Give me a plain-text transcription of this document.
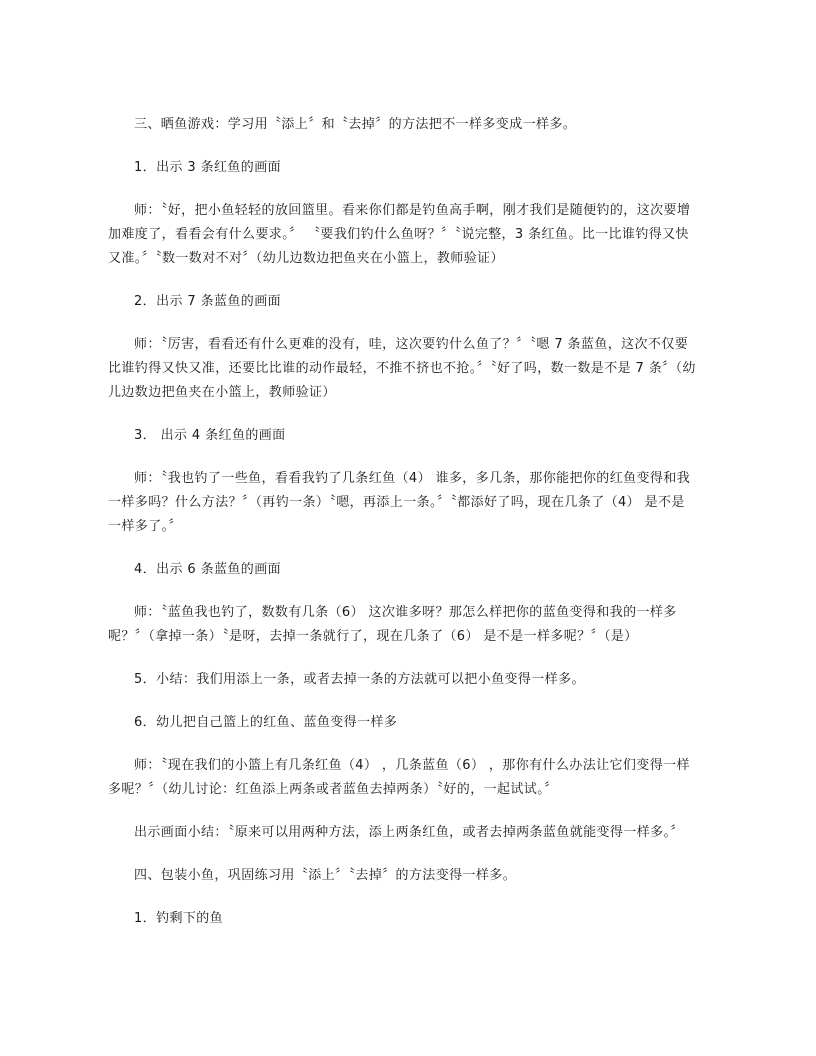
三、晒鱼游戏：学习用〝添上〞和〝去掉〞的方法把不一样多变成一样多。

1．出示 3 条红鱼的画面

师：〝好，把小鱼轻轻的放回篮里。看来你们都是钓鱼高手啊，刚才我们是随便钓的，这次要增加难度了，看看会有什么要求。〞 〝要我们钓什么鱼呀？〞〝说完整，3 条红鱼。比一比谁钓得又快又准。〞〝数一数对不对〞（幼儿边数边把鱼夹在小篮上，教师验证）

2．出示 7 条蓝鱼的画面

师：〝厉害，看看还有什么更难的没有，哇，这次要钓什么鱼了？〞〝嗯 7 条蓝鱼，这次不仅要比谁钓得又快又准，还要比比谁的动作最轻，不推不挤也不抢。〞〝好了吗，数一数是不是 7 条〞（幼儿边数边把鱼夹在小篮上，教师验证）

3． 出示 4 条红鱼的画面

师：〝我也钓了一些鱼，看看我钓了几条红鱼（4） 谁多，多几条，那你能把你的红鱼变得和我一样多吗？什么方法？〞（再钓一条）〝嗯，再添上一条。〞〝都添好了吗，现在几条了（4） 是不是一样多了。〞

4．出示 6 条蓝鱼的画面

师：〝蓝鱼我也钓了，数数有几条（6） 这次谁多呀？那怎么样把你的蓝鱼变得和我的一样多呢？〞（拿掉一条）〝是呀，去掉一条就行了，现在几条了（6） 是不是一样多呢？〞（是）

5．小结：我们用添上一条，或者去掉一条的方法就可以把小鱼变得一样多。

6．幼儿把自己篮上的红鱼、蓝鱼变得一样多

师：〝现在我们的小篮上有几条红鱼（4） ，几条蓝鱼（6） ，那你有什么办法让它们变得一样多呢？〞（幼儿讨论：红鱼添上两条或者蓝鱼去掉两条）〝好的，一起试试。〞

出示画面小结：〝原来可以用两种方法，添上两条红鱼，或者去掉两条蓝鱼就能变得一样多。〞

四、包装小鱼，巩固练习用〝添上〞〝去掉〞的方法变得一样多。

1．钓剩下的鱼
